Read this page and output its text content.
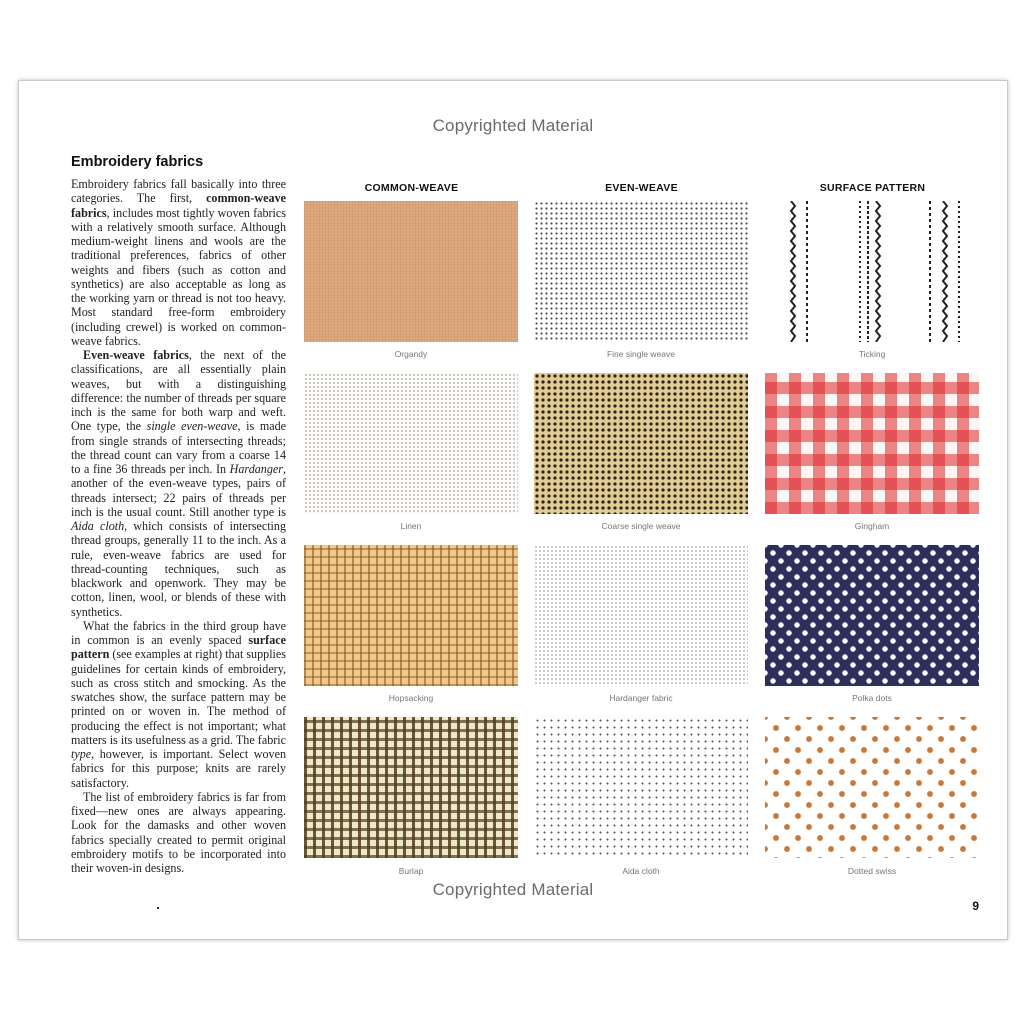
Copyrighted Material
Embroidery fabrics

Embroidery fabrics fall basically into three categories. The first, common-weave fabrics, includes most tightly woven fabrics with a relatively smooth surface. Although medium-weight linens and wools are the traditional preferences, fabrics of other weights and fibers (such as cotton and synthetics) are also acceptable as long as the working yarn or thread is not too heavy. Most standard free-form embroidery (including crewel) is worked on common-weave fabrics.

Even-weave fabrics, the next of the classifications, are all essentially plain weaves, but with a distinguishing difference: the number of threads per square inch is the same for both warp and weft. One type, the single even-weave, is made from single strands of intersecting threads; the thread count can vary from a coarse 14 to a fine 36 threads per inch. In Hardanger, another of the even-weave types, pairs of threads intersect; 22 pairs of threads per inch is the usual count. Still another type is Aida cloth, which consists of intersecting thread groups, generally 11 to the inch. As a rule, even-weave fabrics are used for thread-counting techniques, such as blackwork and openwork. They may be cotton, linen, wool, or blends of these with synthetics.

What the fabrics in the third group have in common is an evenly spaced surface pattern (see examples at right) that supplies guidelines for certain kinds of embroidery, such as cross stitch and smocking. As the swatches show, the surface pattern may be printed on or woven in. The method of producing the effect is not important; what matters is its usefulness as a grid. The fabric type, however, is important. Select woven fabrics for this purpose; knits are rarely satisfactory.

The list of embroidery fabrics is far from fixed—new ones are always appearing. Look for the damasks and other woven fabrics specially created to permit original embroidery motifs to be incorporated into their woven-in designs.

COMMON-WEAVE	EVEN-WEAVE	SURFACE PATTERN
Organdy	Fine single weave	Ticking
Linen	Coarse single weave	Gingham
Hopsacking	Hardanger fabric	Polka dots
Burlap	Aida cloth	Dotted swiss
Copyrighted Material
9
